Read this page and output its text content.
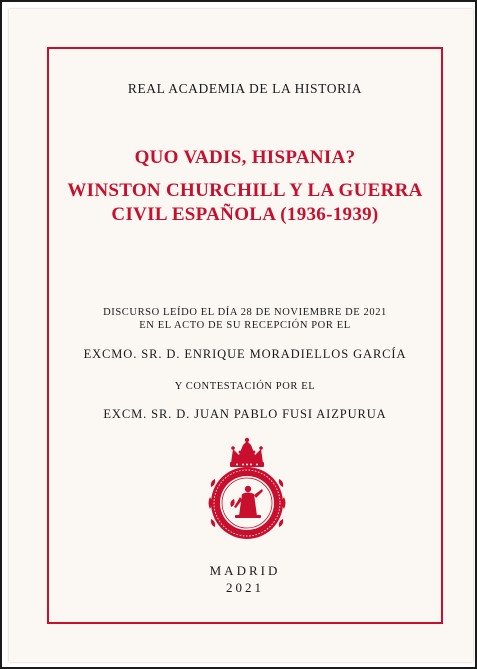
REAL ACADEMIA DE LA HISTORIA
QUO VADIS, HISPANIA?
WINSTON CHURCHILL Y LA GUERRA
CIVIL ESPAÑOLA (1936-1939)
DISCURSO LEÍDO EL DÍA 28 DE NOVIEMBRE DE 2021
EN EL ACTO DE SU RECEPCIÓN POR EL
EXCMO. SR. D. ENRIQUE MORADIELLOS GARCÍA
Y CONTESTACIÓN POR EL
EXCM. SR. D. JUAN PABLO FUSI AIZPURUA
MADRID
2021
